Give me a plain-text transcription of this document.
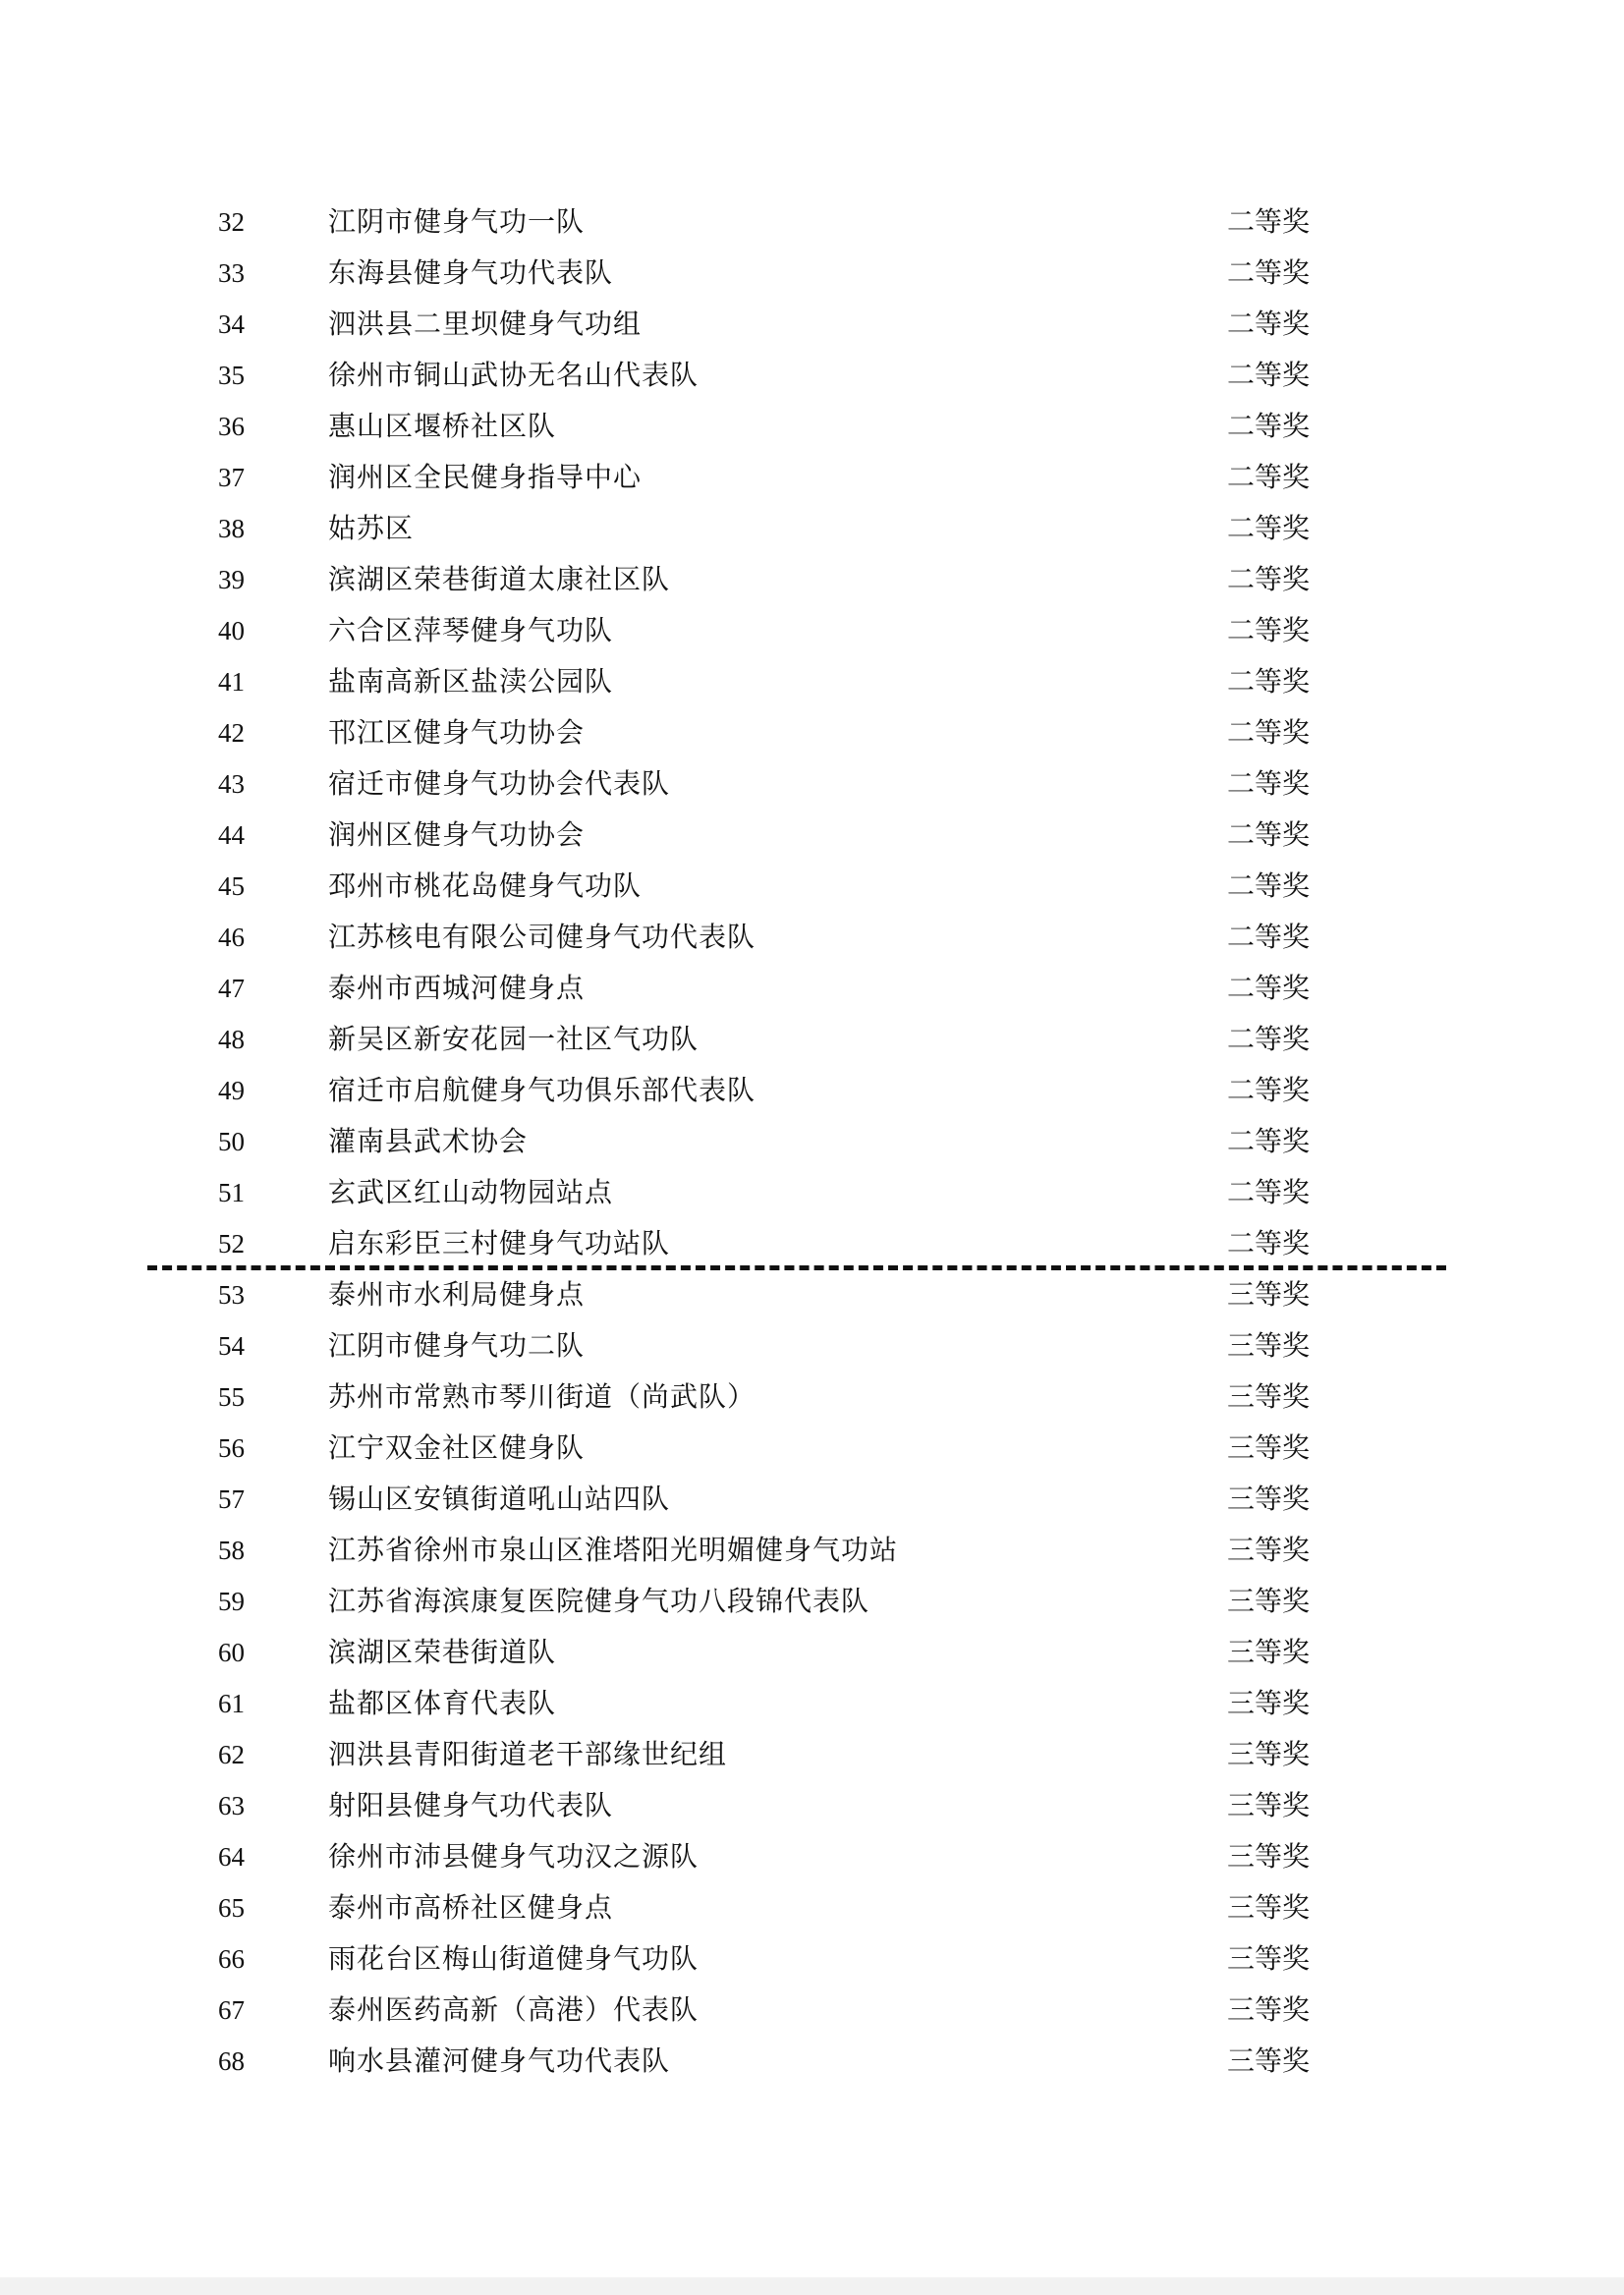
32	江阴市健身气功一队	二等奖
33	东海县健身气功代表队	二等奖
34	泗洪县二里坝健身气功组	二等奖
35	徐州市铜山武协无名山代表队	二等奖
36	惠山区堰桥社区队	二等奖
37	润州区全民健身指导中心	二等奖
38	姑苏区	二等奖
39	滨湖区荣巷街道太康社区队	二等奖
40	六合区萍琴健身气功队	二等奖
41	盐南高新区盐渎公园队	二等奖
42	邗江区健身气功协会	二等奖
43	宿迁市健身气功协会代表队	二等奖
44	润州区健身气功协会	二等奖
45	邳州市桃花岛健身气功队	二等奖
46	江苏核电有限公司健身气功代表队	二等奖
47	泰州市西城河健身点	二等奖
48	新吴区新安花园一社区气功队	二等奖
49	宿迁市启航健身气功俱乐部代表队	二等奖
50	灌南县武术协会	二等奖
51	玄武区红山动物园站点	二等奖
52	启东彩臣三村健身气功站队	二等奖
53	泰州市水利局健身点	三等奖
54	江阴市健身气功二队	三等奖
55	苏州市常熟市琴川街道（尚武队）	三等奖
56	江宁双金社区健身队	三等奖
57	锡山区安镇街道吼山站四队	三等奖
58	江苏省徐州市泉山区淮塔阳光明媚健身气功站	三等奖
59	江苏省海滨康复医院健身气功八段锦代表队	三等奖
60	滨湖区荣巷街道队	三等奖
61	盐都区体育代表队	三等奖
62	泗洪县青阳街道老干部缘世纪组	三等奖
63	射阳县健身气功代表队	三等奖
64	徐州市沛县健身气功汉之源队	三等奖
65	泰州市高桥社区健身点	三等奖
66	雨花台区梅山街道健身气功队	三等奖
67	泰州医药高新（高港）代表队	三等奖
68	响水县灌河健身气功代表队	三等奖
